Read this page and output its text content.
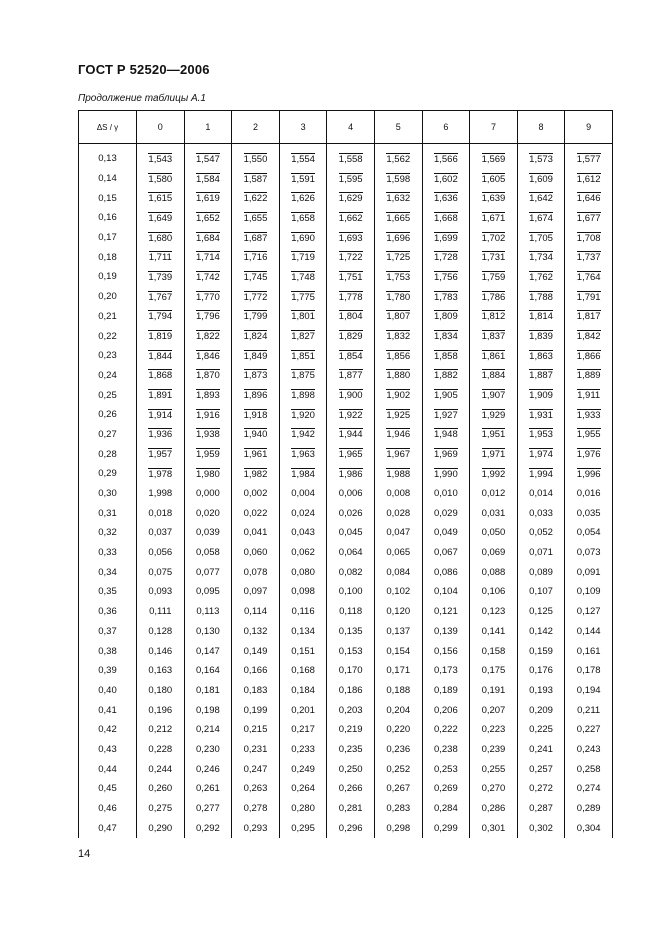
ГОСТ Р 52520—2006
Продолжение таблицы А.1
ΔS / γ	0	1	2	3	4	5	6	7	8	9
0,13	1,543	1,547	1,550	1,554	1,558	1,562	1,566	1,569	1,573	1,577
0,14	1,580	1,584	1,587	1,591	1,595	1,598	1,602	1,605	1,609	1,612
0,15	1,615	1,619	1,622	1,626	1,629	1,632	1,636	1,639	1,642	1,646
0,16	1,649	1,652	1,655	1,658	1,662	1,665	1,668	1,671	1,674	1,677
0,17	1,680	1,684	1,687	1,690	1,693	1,696	1,699	1,702	1,705	1,708
0,18	1,711	1,714	1,716	1,719	1,722	1,725	1,728	1,731	1,734	1,737
0,19	1,739	1,742	1,745	1,748	1,751	1,753	1,756	1,759	1,762	1,764
0,20	1,767	1,770	1,772	1,775	1,778	1,780	1,783	1,786	1,788	1,791
0,21	1,794	1,796	1,799	1,801	1,804	1,807	1,809	1,812	1,814	1,817
0,22	1,819	1,822	1,824	1,827	1,829	1,832	1,834	1,837	1,839	1,842
0,23	1,844	1,846	1,849	1,851	1,854	1,856	1,858	1,861	1,863	1,866
0,24	1,868	1,870	1,873	1,875	1,877	1,880	1,882	1,884	1,887	1,889
0,25	1,891	1,893	1,896	1,898	1,900	1,902	1,905	1,907	1,909	1,911
0,26	1,914	1,916	1,918	1,920	1,922	1,925	1,927	1,929	1,931	1,933
0,27	1,936	1,938	1,940	1,942	1,944	1,946	1,948	1,951	1,953	1,955
0,28	1,957	1,959	1,961	1,963	1,965	1,967	1,969	1,971	1,974	1,976
0,29	1,978	1,980	1,982	1,984	1,986	1,988	1,990	1,992	1,994	1,996
0,30	1,998	0,000	0,002	0,004	0,006	0,008	0,010	0,012	0,014	0,016
0,31	0,018	0,020	0,022	0,024	0,026	0,028	0,029	0,031	0,033	0,035
0,32	0,037	0,039	0,041	0,043	0,045	0,047	0,049	0,050	0,052	0,054
0,33	0,056	0,058	0,060	0,062	0,064	0,065	0,067	0,069	0,071	0,073
0,34	0,075	0,077	0,078	0,080	0,082	0,084	0,086	0,088	0,089	0,091
0,35	0,093	0,095	0,097	0,098	0,100	0,102	0,104	0,106	0,107	0,109
0,36	0,111	0,113	0,114	0,116	0,118	0,120	0,121	0,123	0,125	0,127
0,37	0,128	0,130	0,132	0,134	0,135	0,137	0,139	0,141	0,142	0,144
0,38	0,146	0,147	0,149	0,151	0,153	0,154	0,156	0,158	0,159	0,161
0,39	0,163	0,164	0,166	0,168	0,170	0,171	0,173	0,175	0,176	0,178
0,40	0,180	0,181	0,183	0,184	0,186	0,188	0,189	0,191	0,193	0,194
0,41	0,196	0,198	0,199	0,201	0,203	0,204	0,206	0,207	0,209	0,211
0,42	0,212	0,214	0,215	0,217	0,219	0,220	0,222	0,223	0,225	0,227
0,43	0,228	0,230	0,231	0,233	0,235	0,236	0,238	0,239	0,241	0,243
0,44	0,244	0,246	0,247	0,249	0,250	0,252	0,253	0,255	0,257	0,258
0,45	0,260	0,261	0,263	0,264	0,266	0,267	0,269	0,270	0,272	0,274
0,46	0,275	0,277	0,278	0,280	0,281	0,283	0,284	0,286	0,287	0,289
0,47	0,290	0,292	0,293	0,295	0,296	0,298	0,299	0,301	0,302	0,304
14
